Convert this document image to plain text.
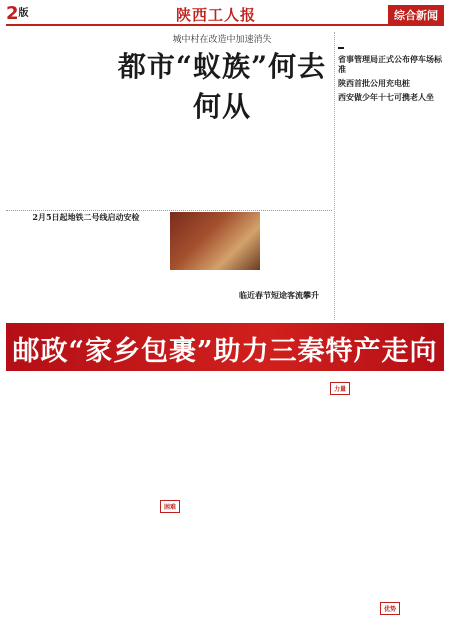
$2^版$	陕西工人报	综合新闻
城中村在改造中加速消失
都市“蚁族”何去何从
2月5日起地铁二号线启动安检
临近春节短途客流攀升
省事管理局正式公布停车场标准
陕西首批公用充电桩
西安做少年十七可携老人坐
邮政“家乡包裹”助力三秦特产走向全国
困难
力量
优势
